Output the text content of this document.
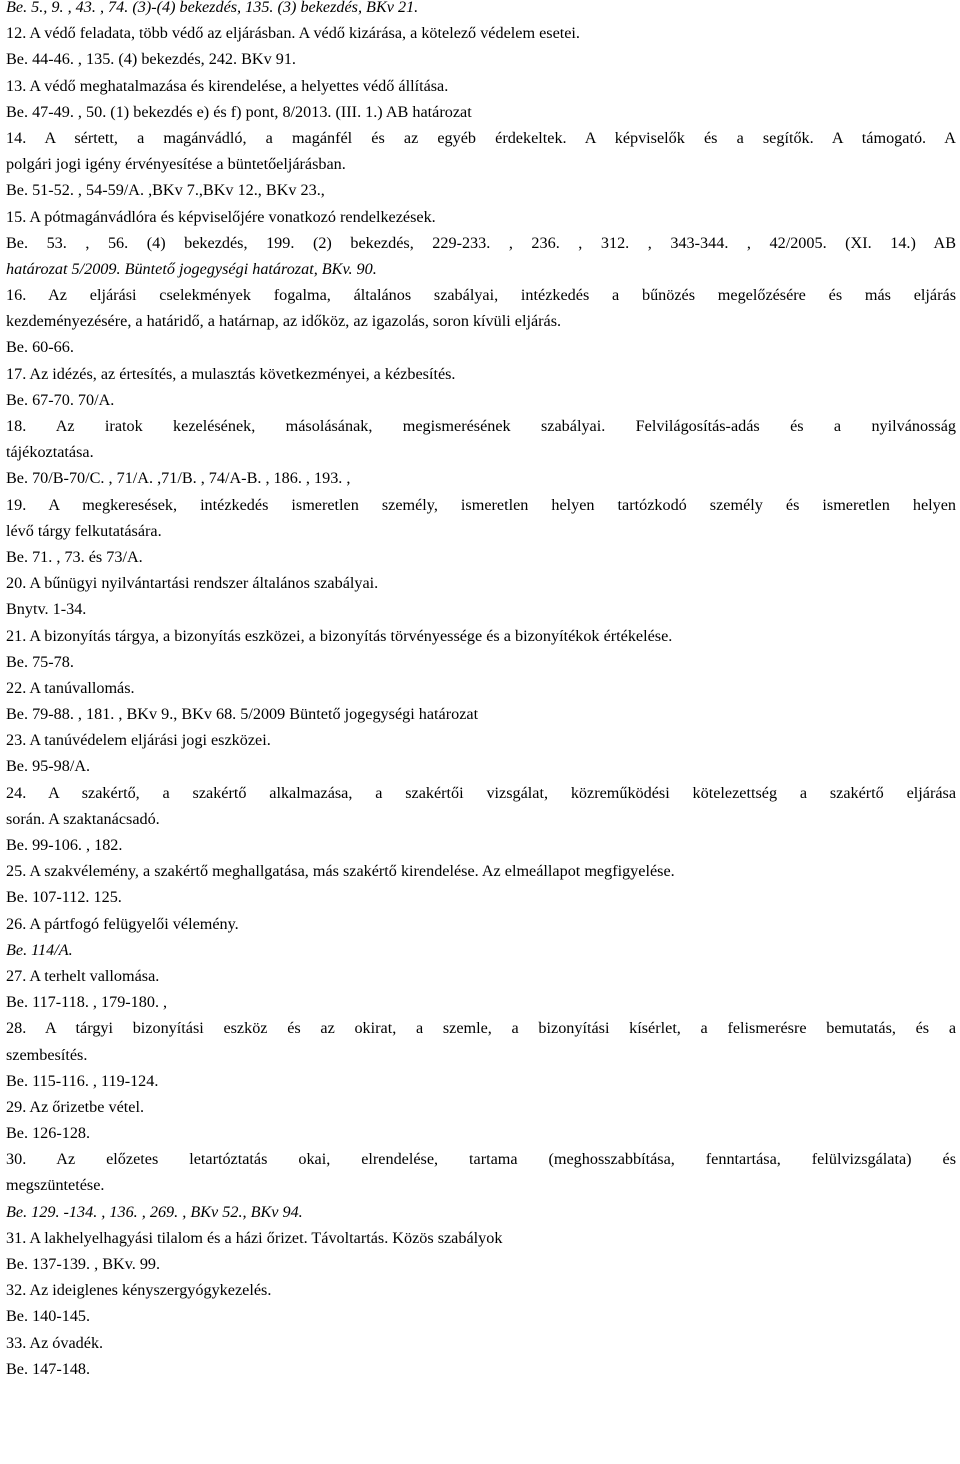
Be. 5., 9. , 43. , 74. (3)-(4) bekezdés, 135. (3) bekezdés, BKv 21.

12. A védő feladata, több védő az eljárásban. A védő kizárása, a kötelező védelem esetei.

Be. 44-46. , 135. (4) bekezdés, 242. BKv 91.

13. A védő meghatalmazása és kirendelése, a helyettes védő állítása.

Be. 47-49. , 50. (1) bekezdés e) és f) pont, 8/2013. (III. 1.) AB határozat

14. A sértett, a magánvádló, a magánfél és az egyéb érdekeltek. A képviselők és a segítők. A támogató. A

polgári jogi igény érvényesítése a büntetőeljárásban.

Be. 51-52. , 54-59/A. ,BKv 7.,BKv 12., BKv 23.,

15. A pótmagánvádlóra és képviselőjére vonatkozó rendelkezések.

Be. 53. , 56. (4) bekezdés, 199. (2) bekezdés, 229-233. , 236. , 312. , 343-344. , 42/2005. (XI. 14.) AB

határozat 5/2009. Büntető jogegységi határozat, BKv. 90.

16. Az eljárási cselekmények fogalma, általános szabályai, intézkedés a bűnözés megelőzésére és más eljárás

kezdeményezésére, a határidő, a határnap, az időköz, az igazolás, soron kívüli eljárás.

Be. 60-66.

17. Az idézés, az értesítés, a mulasztás következményei, a kézbesítés.

Be. 67-70. 70/A.

18. Az iratok kezelésének, másolásának, megismerésének szabályai. Felvilágosítás-adás és a nyilvánosság

tájékoztatása.

Be. 70/B-70/C. , 71/A. ,71/B. , 74/A-B. , 186. , 193. ,

19. A megkeresések, intézkedés ismeretlen személy, ismeretlen helyen tartózkodó személy és ismeretlen helyen

lévő tárgy felkutatására.

Be. 71. , 73. és 73/A.

20. A bűnügyi nyilvántartási rendszer általános szabályai.

Bnytv. 1-34.

21. A bizonyítás tárgya, a bizonyítás eszközei, a bizonyítás törvényessége és a bizonyítékok értékelése.

Be. 75-78.

22. A tanúvallomás.

Be. 79-88. , 181. , BKv 9., BKv 68. 5/2009 Büntető jogegységi határozat

23. A tanúvédelem eljárási jogi eszközei.

Be. 95-98/A.

24. A szakértő, a szakértő alkalmazása, a szakértői vizsgálat, közreműködési kötelezettség a szakértő eljárása

során. A szaktanácsadó.

Be. 99-106. , 182.

25. A szakvélemény, a szakértő meghallgatása, más szakértő kirendelése. Az elmeállapot megfigyelése.

Be. 107-112. 125.

26. A pártfogó felügyelői vélemény.

Be. 114/A.

27. A terhelt vallomása.

Be. 117-118. , 179-180. ,

28. A tárgyi bizonyítási eszköz és az okirat, a szemle, a bizonyítási kísérlet, a felismerésre bemutatás, és a

szembesítés.

Be. 115-116. , 119-124.

29. Az őrizetbe vétel.

Be. 126-128.

30. Az előzetes letartóztatás okai, elrendelése, tartama (meghosszabbítása, fenntartása, felülvizsgálata) és

megszüntetése.

Be. 129. -134. , 136. , 269. , BKv 52., BKv 94.

31. A lakhelyelhagyási tilalom és a házi őrizet. Távoltartás. Közös szabályok

Be. 137-139. , BKv. 99.

32. Az ideiglenes kényszergyógykezelés.

Be. 140-145.

33. Az óvadék.

Be. 147-148.
